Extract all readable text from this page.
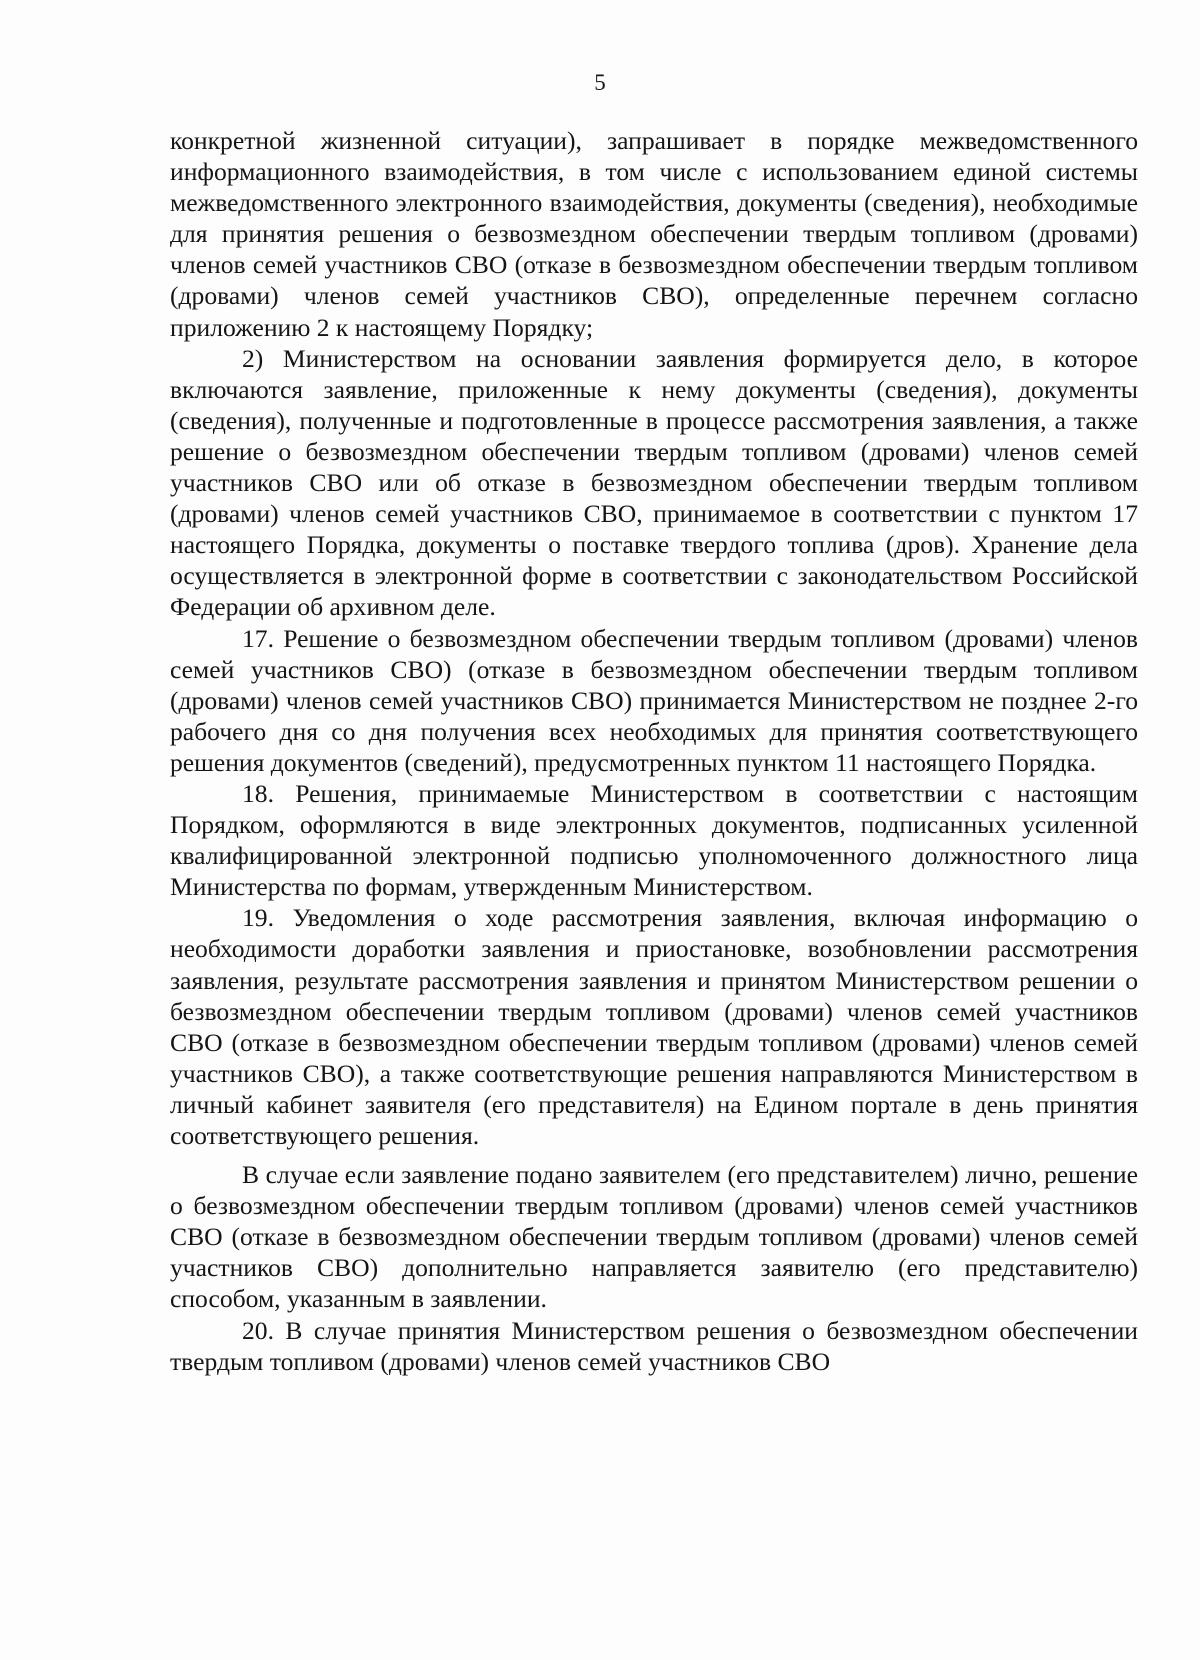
5

конкретной жизненной ситуации), запрашивает в порядке межведомственного информационного взаимодействия, в том числе с использованием единой системы межведомственного электронного взаимодействия, документы (сведения), необходимые для принятия решения о безвозмездном обеспечении твердым топливом (дровами) членов семей участников СВО (отказе в безвозмездном обеспечении твердым топливом (дровами) членов семей участников СВО), определенные перечнем согласно приложению 2 к настоящему Порядку;

2) Министерством на основании заявления формируется дело, в которое включаются заявление, приложенные к нему документы (сведения), документы (сведения), полученные и подготовленные в процессе рассмотрения заявления, а также решение о безвозмездном обеспечении твердым топливом (дровами) членов семей участников СВО или об отказе в безвозмездном обеспечении твердым топливом (дровами) членов семей участников СВО, принимаемое в соответствии с пунктом 17 настоящего Порядка, документы о поставке твердого топлива (дров). Хранение дела осуществляется в электронной форме в соответствии с законодательством Российской Федерации об архивном деле.

17. Решение о безвозмездном обеспечении твердым топливом (дровами) членов семей участников СВО) (отказе в безвозмездном обеспечении твердым топливом (дровами) членов семей участников СВО) принимается Министерством не позднее 2-го рабочего дня со дня получения всех необходимых для принятия соответствующего решения документов (сведений), предусмотренных пунктом 11 настоящего Порядка.

18. Решения, принимаемые Министерством в соответствии с настоящим Порядком, оформляются в виде электронных документов, подписанных усиленной квалифицированной электронной подписью уполномоченного должностного лица Министерства по формам, утвержденным Министерством.

19. Уведомления о ходе рассмотрения заявления, включая информацию о необходимости доработки заявления и приостановке, возобновлении рассмотрения заявления, результате рассмотрения заявления и принятом Министерством решении о безвозмездном обеспечении твердым топливом (дровами) членов семей участников СВО (отказе в безвозмездном обеспечении твердым топливом (дровами) членов семей участников СВО), а также соответствующие решения направляются Министерством в личный кабинет заявителя (его представителя) на Едином портале в день принятия соответствующего решения.

В случае если заявление подано заявителем (его представителем) лично, решение о безвозмездном обеспечении твердым топливом (дровами) членов семей участников СВО (отказе в безвозмездном обеспечении твердым топливом (дровами) членов семей участников СВО) дополнительно направляется заявителю (его представителю) способом, указанным в заявлении.

20. В случае принятия Министерством решения о безвозмездном обеспечении твердым топливом (дровами) членов семей участников СВО
